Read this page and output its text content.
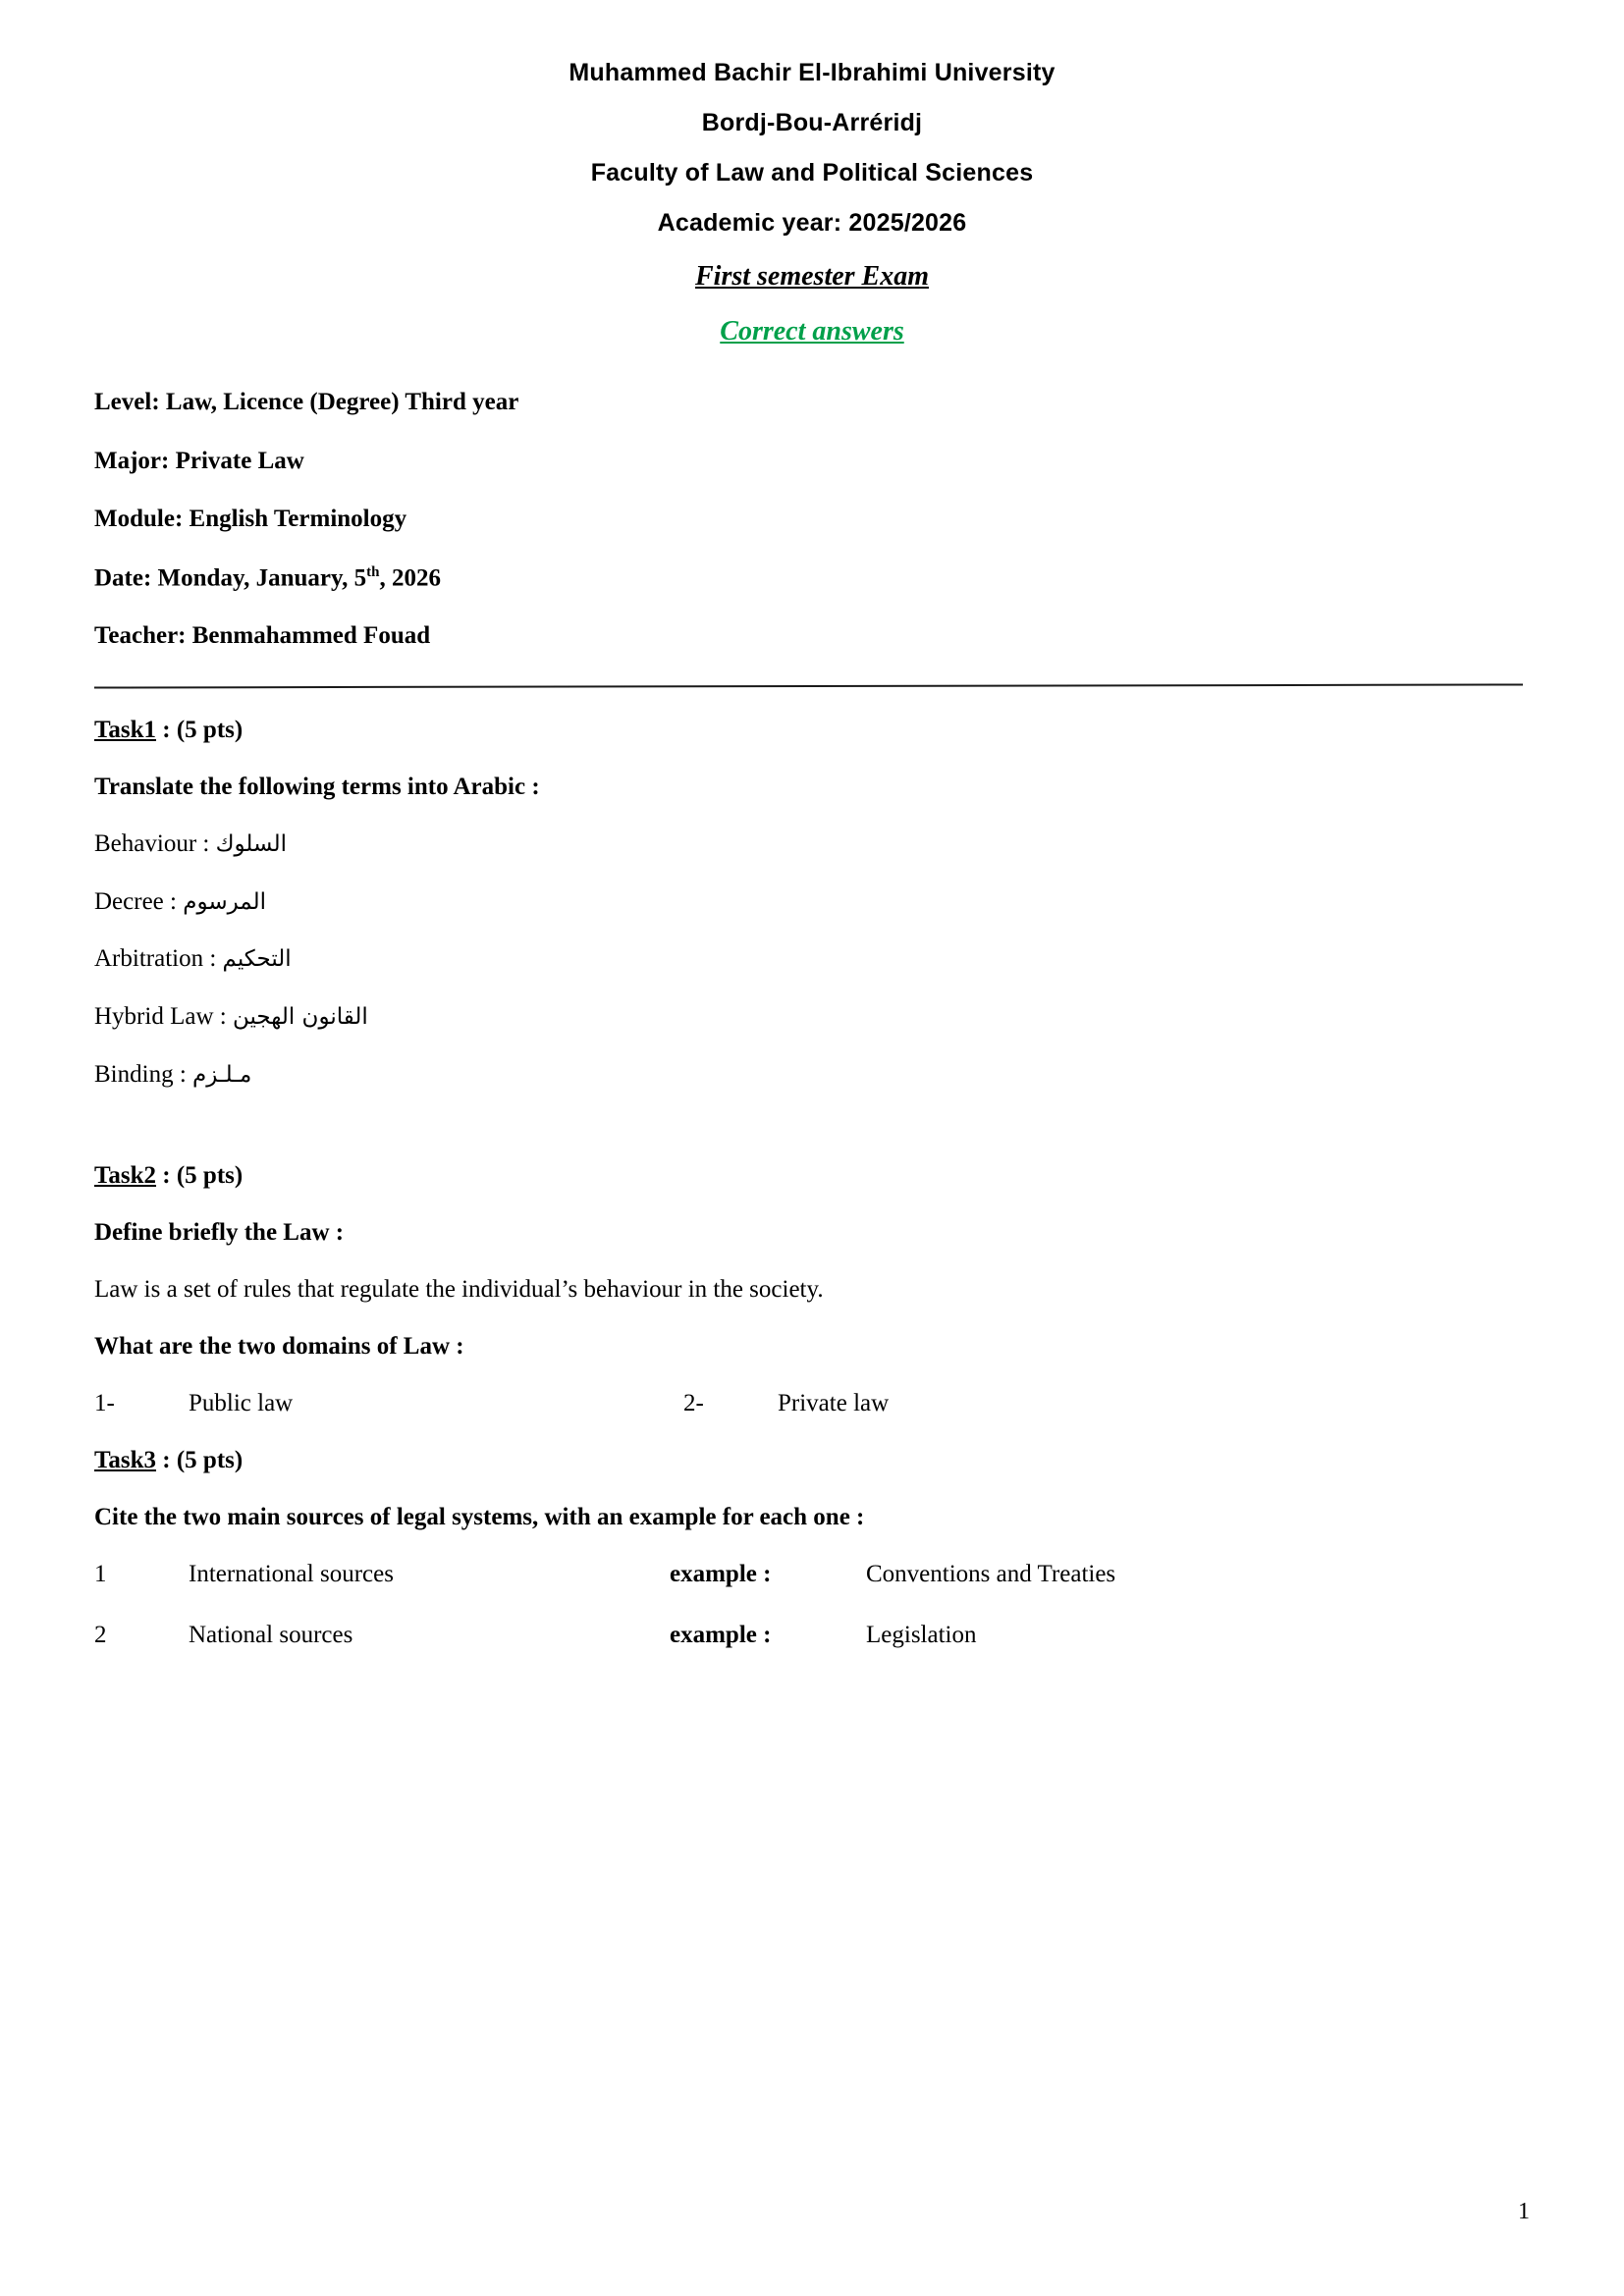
Muhammed Bachir El-Ibrahimi University
Bordj-Bou-Arréridj
Faculty of Law and Political Sciences
Academic year: 2025/2026
First semester Exam
Correct answers
Level: Law, Licence (Degree) Third year
Major: Private Law
Module: English Terminology
Date: Monday, January, 5th, 2026
Teacher: Benmahammed Fouad
Task1 : (5 pts)
Translate the following terms into Arabic :
Behaviour : السلوك
Decree : المرسوم
Arbitration : التحكيم
Hybrid Law : القانون الهجين
Binding : مـلـزم
Task2 : (5 pts)
Define briefly the Law :
Law is a set of rules that regulate the individual’s behaviour in the society.
What are the two domains of Law :
1-	Public law	2-	Private law
Task3 : (5 pts)
Cite the two main sources of legal systems, with an example for each one :
1	International sources	example :	Conventions and Treaties
2	National sources	example :	Legislation
1
